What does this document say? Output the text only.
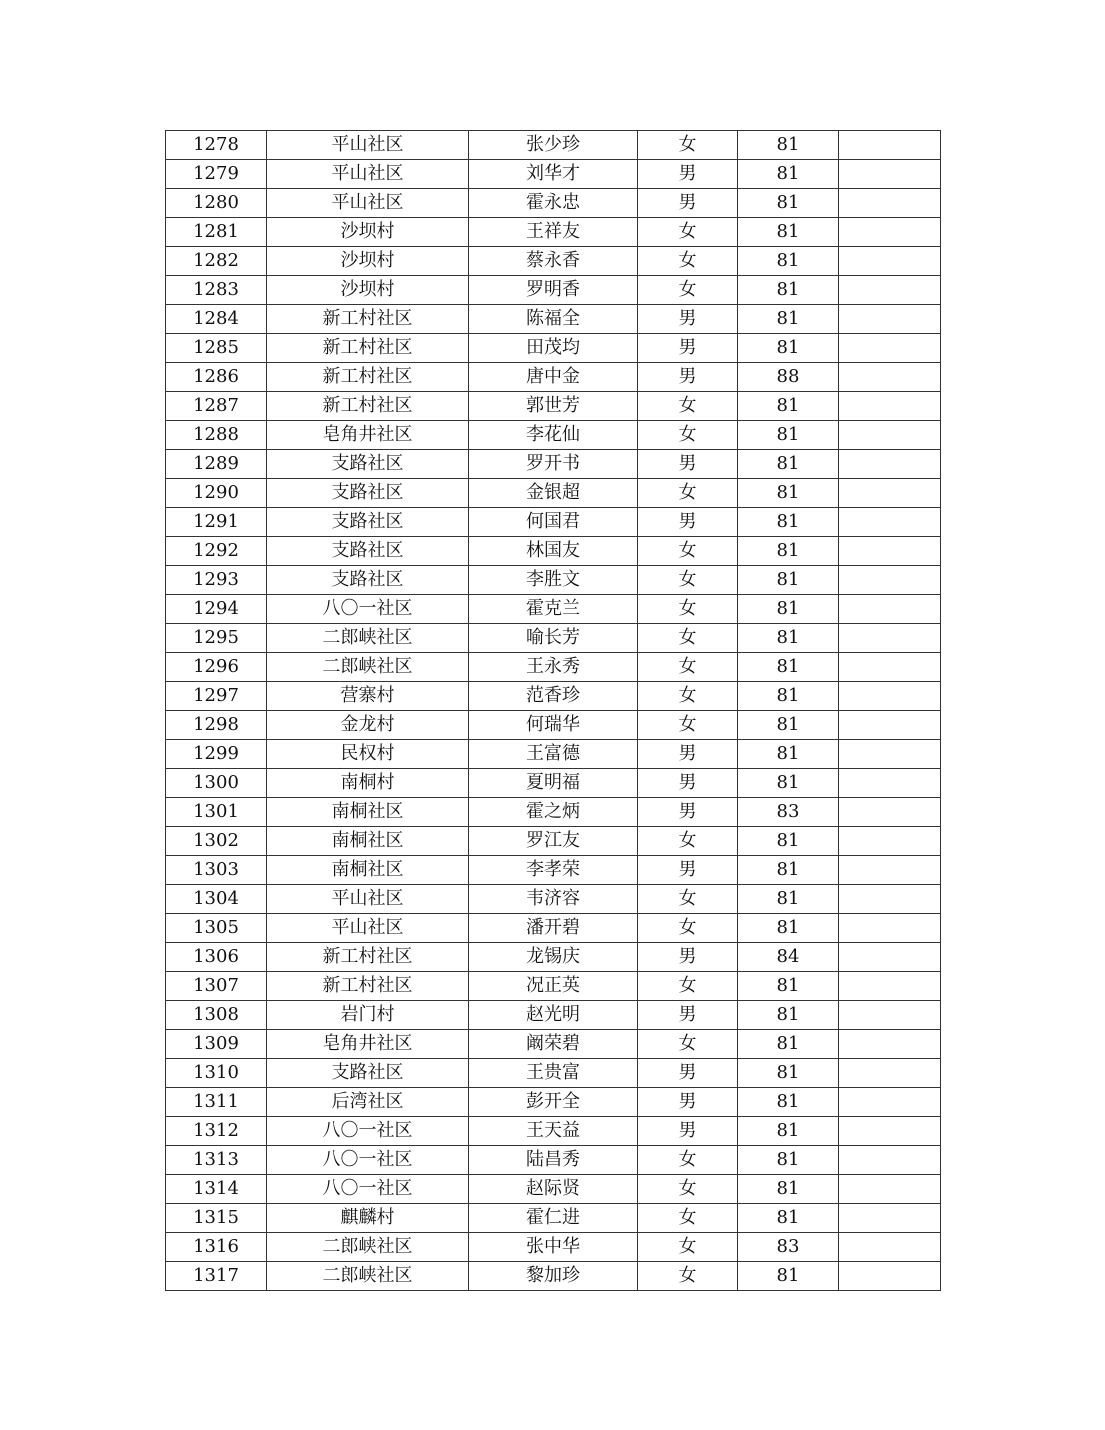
1278	平山社区	张少珍	女	81	
1279	平山社区	刘华才	男	81	
1280	平山社区	霍永忠	男	81	
1281	沙坝村	王祥友	女	81	
1282	沙坝村	蔡永香	女	81	
1283	沙坝村	罗明香	女	81	
1284	新工村社区	陈福全	男	81	
1285	新工村社区	田茂均	男	81	
1286	新工村社区	唐中金	男	88	
1287	新工村社区	郭世芳	女	81	
1288	皂角井社区	李花仙	女	81	
1289	支路社区	罗开书	男	81	
1290	支路社区	金银超	女	81	
1291	支路社区	何国君	男	81	
1292	支路社区	林国友	女	81	
1293	支路社区	李胜文	女	81	
1294	八〇一社区	霍克兰	女	81	
1295	二郎峡社区	喻长芳	女	81	
1296	二郎峡社区	王永秀	女	81	
1297	营寨村	范香珍	女	81	
1298	金龙村	何瑞华	女	81	
1299	民权村	王富德	男	81	
1300	南桐村	夏明福	男	81	
1301	南桐社区	霍之炳	男	83	
1302	南桐社区	罗江友	女	81	
1303	南桐社区	李孝荣	男	81	
1304	平山社区	韦济容	女	81	
1305	平山社区	潘开碧	女	81	
1306	新工村社区	龙锡庆	男	84	
1307	新工村社区	况正英	女	81	
1308	岩门村	赵光明	男	81	
1309	皂角井社区	阚荣碧	女	81	
1310	支路社区	王贵富	男	81	
1311	后湾社区	彭开全	男	81	
1312	八〇一社区	王天益	男	81	
1313	八〇一社区	陆昌秀	女	81	
1314	八〇一社区	赵际贤	女	81	
1315	麒麟村	霍仁进	女	81	
1316	二郎峡社区	张中华	女	83	
1317	二郎峡社区	黎加珍	女	81	
